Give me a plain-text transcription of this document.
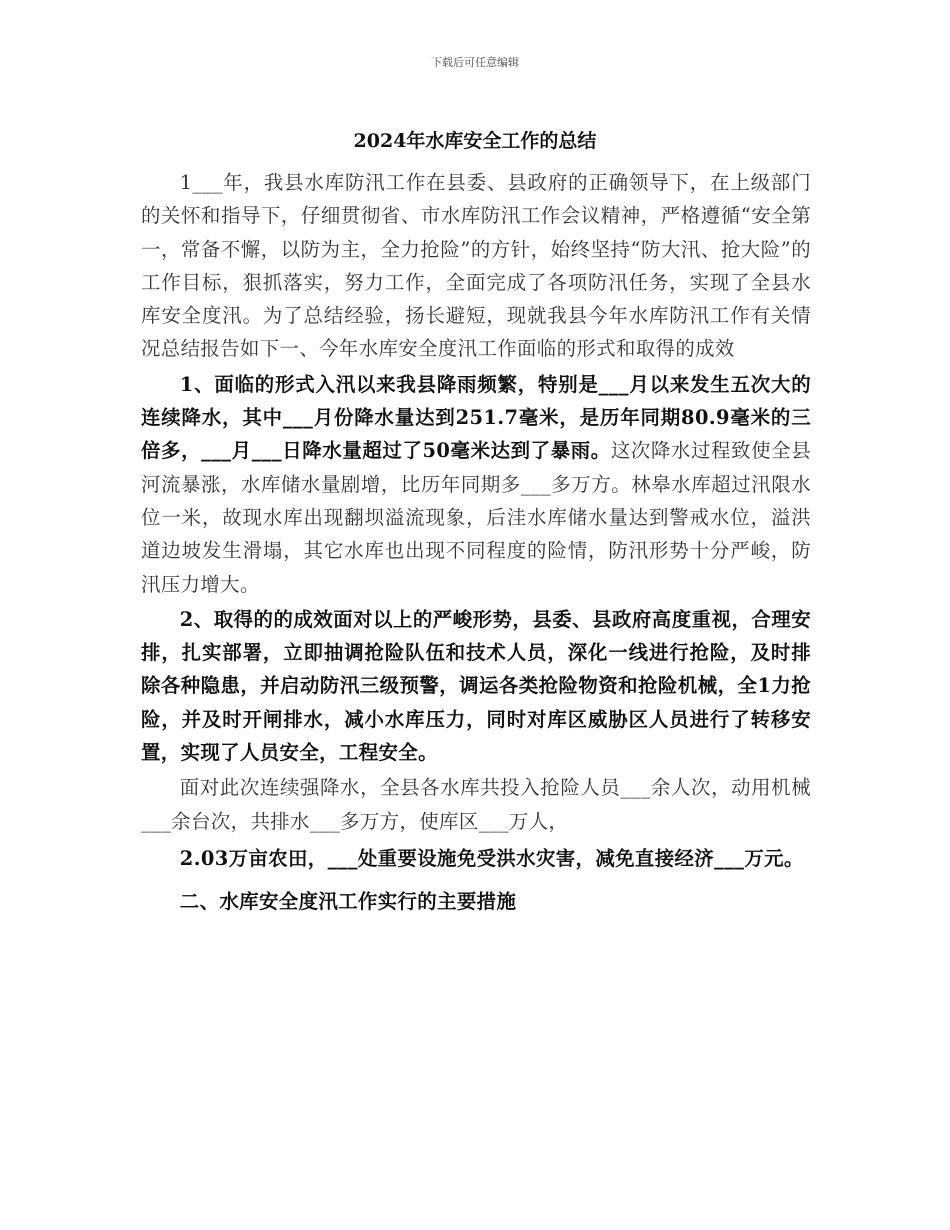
下载后可任意编辑
2024年水库安全工作的总结

1___年，我县水库防汛工作在县委、县政府的正确领导下，在上级部门的关怀和指导下，仔细贯彻省、市水库防汛工作会议精神，严格遵循“安全第一，常备不懈，以防为主，全力抢险”的方针，始终坚持“防大汛、抢大险”的工作目标，狠抓落实，努力工作，全面完成了各项防汛任务，实现了全县水库安全度汛。为了总结经验，扬长避短，现就我县今年水库防汛工作有关情况总结报告如下一、今年水库安全度汛工作面临的形式和取得的成效

1、面临的形式入汛以来我县降雨频繁，特别是___月以来发生五次大的连续降水，其中___月份降水量达到251.7毫米，是历年同期80.9毫米的三倍多，___月___日降水量超过了50毫米达到了暴雨。这次降水过程致使全县河流暴涨，水库储水量剧增，比历年同期多___多万方。林皋水库超过汛限水位一米，故现水库出现翻坝溢流现象，后洼水库储水量达到警戒水位，溢洪道边坡发生滑塌，其它水库也出现不同程度的险情，防汛形势十分严峻，防汛压力增大。

2、取得的的成效面对以上的严峻形势，县委、县政府高度重视，合理安排，扎实部署，立即抽调抢险队伍和技术人员，深化一线进行抢险，及时排除各种隐患，并启动防汛三级预警，调运各类抢险物资和抢险机械，全1力抢险，并及时开闸排水，减小水库压力，同时对库区威胁区人员进行了转移安置，实现了人员安全，工程安全。

面对此次连续强降水，全县各水库共投入抢险人员___余人次，动用机械___余台次，共排水___多万方，使库区___万人，

2.03万亩农田，___处重要设施免受洪水灾害，减免直接经济___万元。

二、水库安全度汛工作实行的主要措施
